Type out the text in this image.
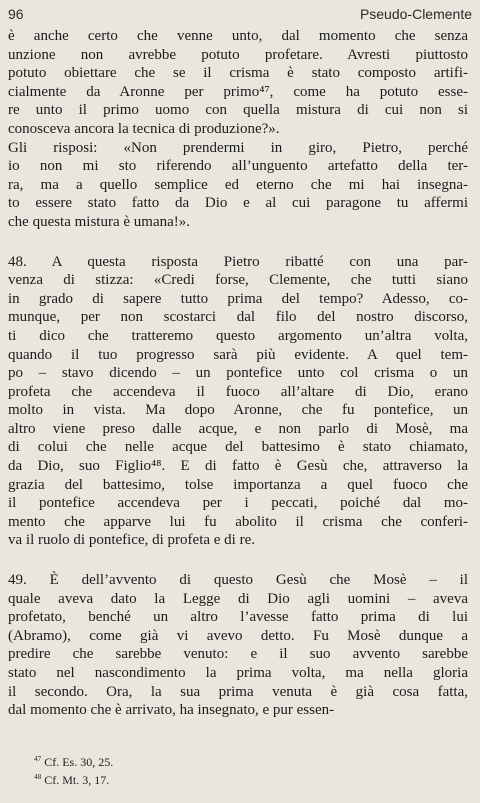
96	Pseudo-Clemente
è anche certo che venne unto, dal momento che senza
unzione non avrebbe potuto profetare. Avresti piuttosto
potuto obiettare che se il crisma è stato composto artifi-
cialmente da Aronne per primo⁴⁷, come ha potuto esse-
re unto il primo uomo con quella mistura di cui non si
conosceva ancora la tecnica di produzione?».
Gli risposi: «Non prendermi in giro, Pietro, perché
io non mi sto riferendo all’unguento artefatto della ter-
ra, ma a quello semplice ed eterno che mi hai insegna-
to essere stato fatto da Dio e al cui paragone tu affermi
che questa mistura è umana!».
48. A questa risposta Pietro ribatté con una par-
venza di stizza: «Credi forse, Clemente, che tutti siano
in grado di sapere tutto prima del tempo? Adesso, co-
munque, per non scostarci dal filo del nostro discorso,
ti dico che tratteremo questo argomento un’altra volta,
quando il tuo progresso sarà più evidente. A quel tem-
po – stavo dicendo – un pontefice unto col crisma o un
profeta che accendeva il fuoco all’altare di Dio, erano
molto in vista. Ma dopo Aronne, che fu pontefice, un
altro viene preso dalle acque, e non parlo di Mosè, ma
di colui che nelle acque del battesimo è stato chiamato,
da Dio, suo Figlio⁴⁸. E di fatto è Gesù che, attraverso la
grazia del battesimo, tolse importanza a quel fuoco che
il pontefice accendeva per i peccati, poiché dal mo-
mento che apparve lui fu abolito il crisma che conferi-
va il ruolo di pontefice, di profeta e di re.
49. È dell’avvento di questo Gesù che Mosè – il
quale aveva dato la Legge di Dio agli uomini – aveva
profetato, benché un altro l’avesse fatto prima di lui
(Abramo), come già vi avevo detto. Fu Mosè dunque a
predire che sarebbe venuto: e il suo avvento sarebbe
stato nel nascondimento la prima volta, ma nella gloria
il secondo. Ora, la sua prima venuta è già cosa fatta,
dal momento che è arrivato, ha insegnato, e pur essen-
$^{47}$ Cf. Es. 30, 25.
$^{48}$ Cf. Mt. 3, 17.
